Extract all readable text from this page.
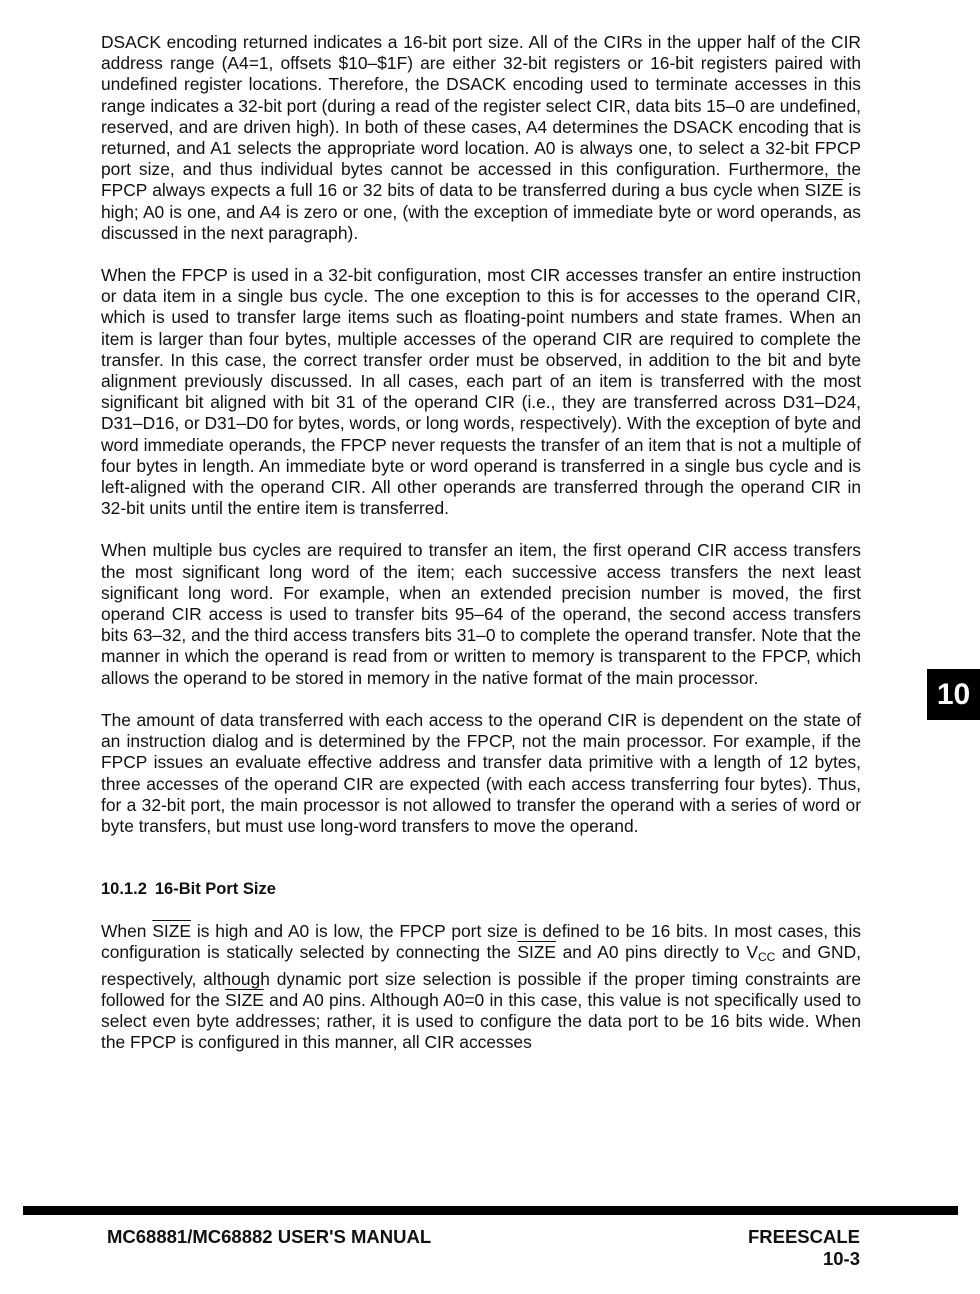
DSACK encoding returned indicates a 16-bit port size. All of the CIRs in the upper half of the CIR address range (A4=1, offsets $10–$1F) are either 32-bit registers or 16-bit registers paired with undefined register locations. Therefore, the DSACK encoding used to terminate accesses in this range indicates a 32-bit port (during a read of the register select CIR, data bits 15–0 are undefined, reserved, and are driven high). In both of these cases, A4 determines the DSACK encoding that is returned, and A1 selects the appropriate word location. A0 is always one, to select a 32-bit FPCP port size, and thus individual bytes cannot be accessed in this configuration. Furthermore, the FPCP always expects a full 16 or 32 bits of data to be transferred during a bus cycle when SIZE is high; A0 is one, and A4 is zero or one, (with the exception of immediate byte or word operands, as discussed in the next paragraph).

When the FPCP is used in a 32-bit configuration, most CIR accesses transfer an entire instruction or data item in a single bus cycle. The one exception to this is for accesses to the operand CIR, which is used to transfer large items such as floating-point numbers and state frames. When an item is larger than four bytes, multiple accesses of the operand CIR are required to complete the transfer. In this case, the correct transfer order must be observed, in addition to the bit and byte alignment previously discussed. In all cases, each part of an item is transferred with the most significant bit aligned with bit 31 of the operand CIR (i.e., they are transferred across D31–D24, D31–D16, or D31–D0 for bytes, words, or long words, respectively). With the exception of byte and word immediate operands, the FPCP never requests the transfer of an item that is not a multiple of four bytes in length. An immediate byte or word operand is transferred in a single bus cycle and is left-aligned with the operand CIR. All other operands are transferred through the operand CIR in 32-bit units until the entire item is transferred.

When multiple bus cycles are required to transfer an item, the first operand CIR access transfers the most significant long word of the item; each successive access transfers the next least significant long word. For example, when an extended precision number is moved, the first operand CIR access is used to transfer bits 95–64 of the operand, the second access transfers bits 63–32, and the third access transfers bits 31–0 to complete the operand transfer. Note that the manner in which the operand is read from or written to memory is transparent to the FPCP, which allows the operand to be stored in memory in the native format of the main processor.

The amount of data transferred with each access to the operand CIR is dependent on the state of an instruction dialog and is determined by the FPCP, not the main processor. For example, if the FPCP issues an evaluate effective address and transfer data primitive with a length of 12 bytes, three accesses of the operand CIR are expected (with each access transferring four bytes). Thus, for a 32-bit port, the main processor is not allowed to transfer the operand with a series of word or byte transfers, but must use long-word transfers to move the operand.

10.1.2 16-Bit Port Size

When SIZE is high and A0 is low, the FPCP port size is defined to be 16 bits. In most cases, this configuration is statically selected by connecting the SIZE and A0 pins directly to $V_{CC}$ and GND, respectively, although dynamic port size selection is possible if the proper timing constraints are followed for the SIZE and A0 pins. Although A0=0 in this case, this value is not specifically used to select even byte addresses; rather, it is used to configure the data port to be 16 bits wide. When the FPCP is configured in this manner, all CIR accesses

10
MC68881/MC68882 USER'S MANUAL	FREESCALE
10-3
